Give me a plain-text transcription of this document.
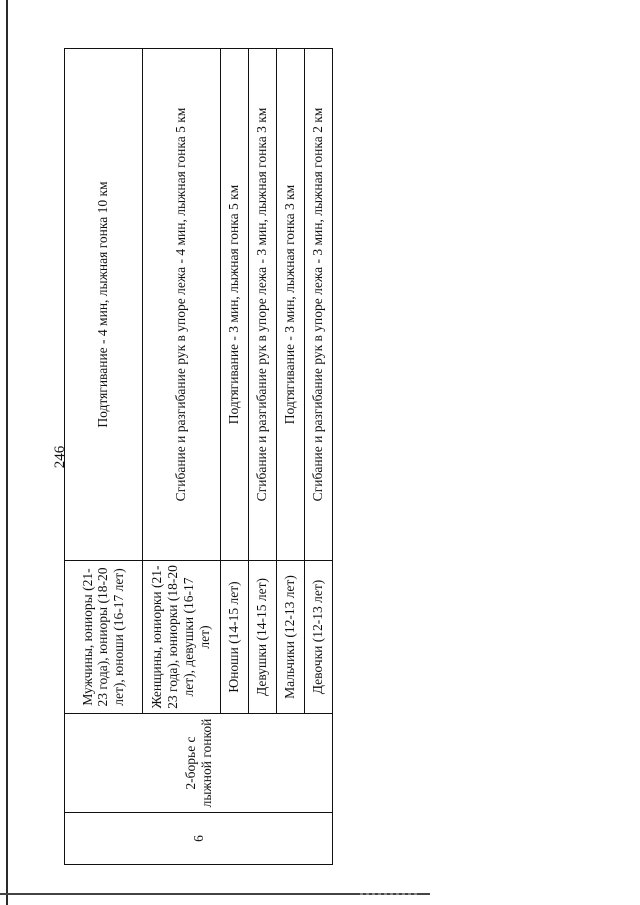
246
6	2-борье с лыжной гонкой	Мужчины, юниоры (21-23 года), юниоры (18-20 лет), юноши (16-17 лет)	Подтягивание - 4 мин, лыжная гонка 10 км
		Женщины, юниорки (21-23 года), юниорки (18-20 лет), девушки (16-17 лет)	Сгибание и разгибание рук в упоре лежа - 4 мин, лыжная гонка 5 км
		Юноши (14-15 лет)	Подтягивание - 3 мин, лыжная гонка 5 км
		Девушки (14-15 лет)	Сгибание и разгибание рук в упоре лежа - 3 мин, лыжная гонка 3 км
		Мальчики (12-13 лет)	Подтягивание - 3 мин, лыжная гонка 3 км
		Девочки (12-13 лет)	Сгибание и разгибание рук в упоре лежа - 3 мин, лыжная гонка 2 км
